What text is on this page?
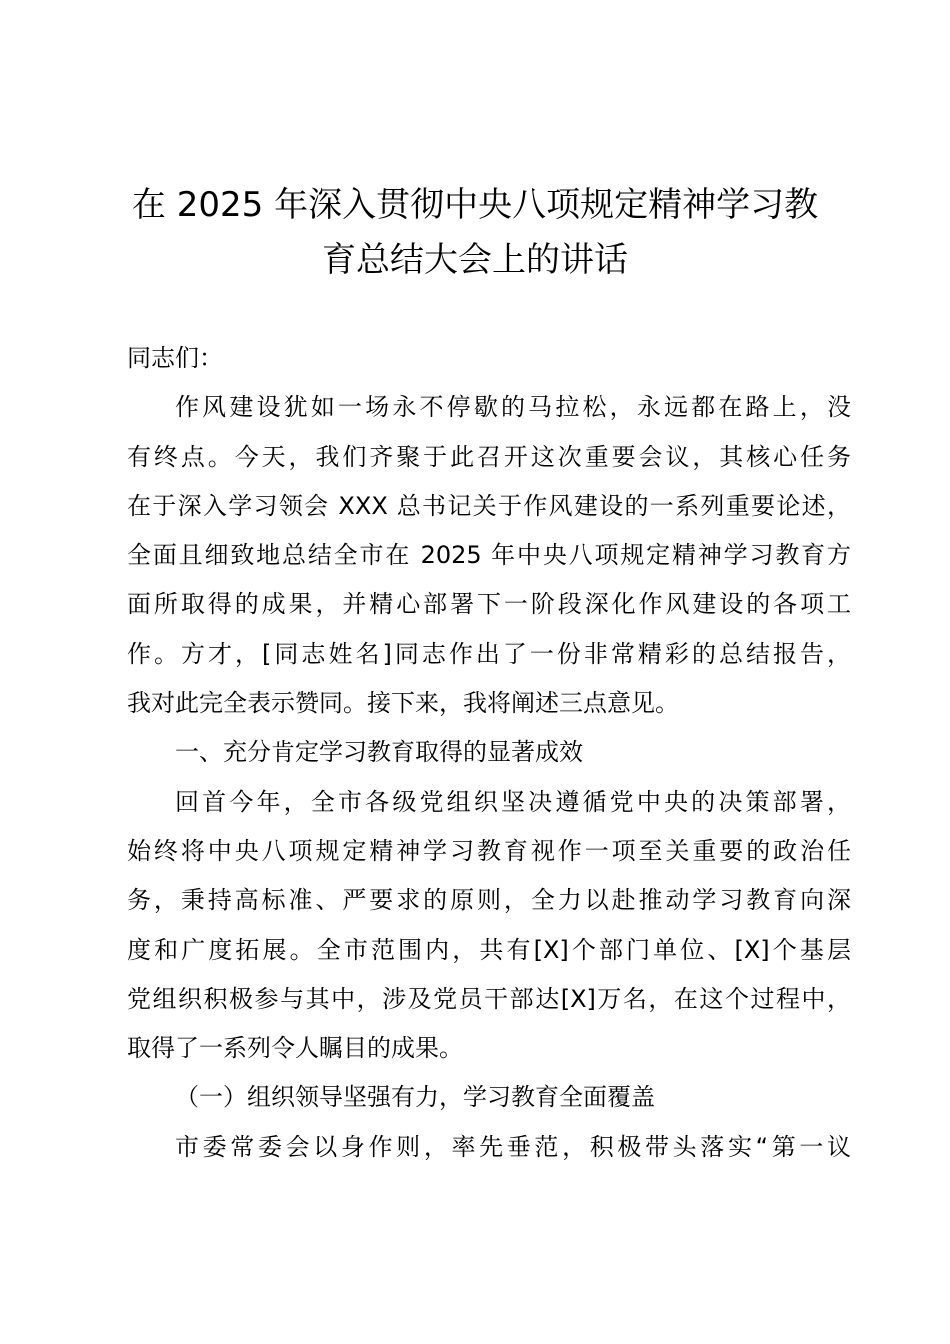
在 2025 年深入贯彻中央八项规定精神学习教
育总结大会上的讲话

同志们：

作风建设犹如一场永不停歇的马拉松，永远都在路上，没
有终点。今天，我们齐聚于此召开这次重要会议，其核心任务
在于深入学习领会 XXX 总书记关于作风建设的一系列重要论述，
全面且细致地总结全市在 2025 年中央八项规定精神学习教育方
面所取得的成果，并精心部署下一阶段深化作风建设的各项工
作。方才，[同志姓名]同志作出了一份非常精彩的总结报告，
我对此完全表示赞同。接下来，我将阐述三点意见。

一、充分肯定学习教育取得的显著成效

回首今年，全市各级党组织坚决遵循党中央的决策部署，
始终将中央八项规定精神学习教育视作一项至关重要的政治任
务，秉持高标准、严要求的原则，全力以赴推动学习教育向深
度和广度拓展。全市范围内，共有[X]个部门单位、[X]个基层
党组织积极参与其中，涉及党员干部达[X]万名，在这个过程中，
取得了一系列令人瞩目的成果。

（一）组织领导坚强有力，学习教育全面覆盖

市委常委会以身作则，率先垂范，积极带头落实“第一议
